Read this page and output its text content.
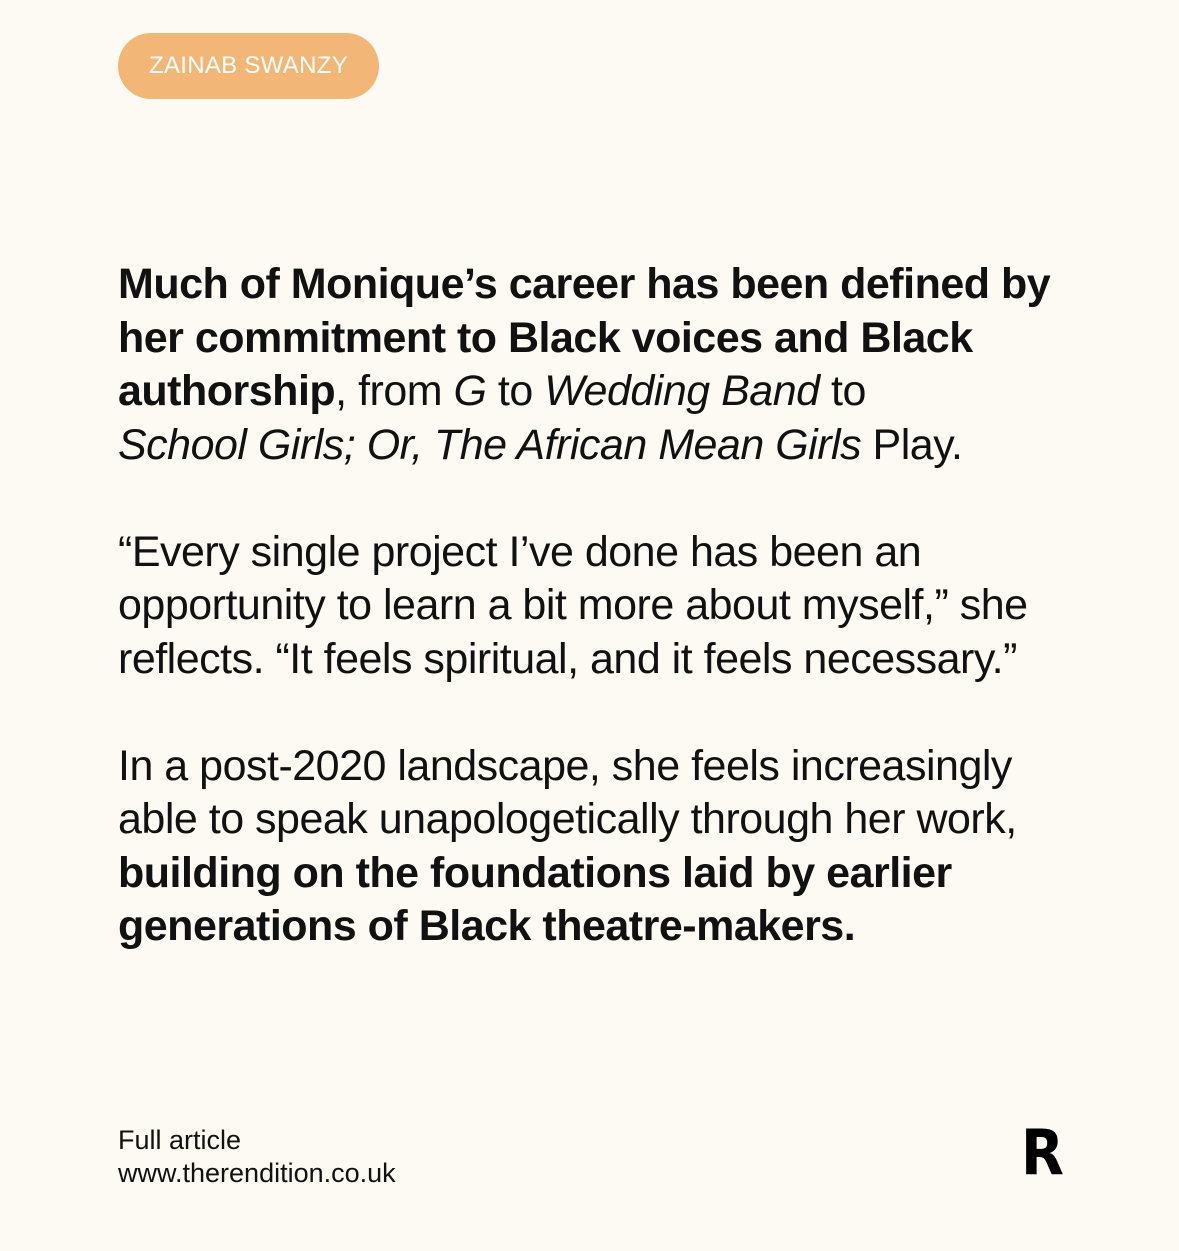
ZAINAB SWANZY

Much of Monique’s career has been defined by her commitment to Black voices and Black authorship, from G to Wedding Band to
School Girls; Or, The African Mean Girls Play.

“Every single project I’ve done has been an opportunity to learn a bit more about myself,” she reflects. “It feels spiritual, and it feels necessary.”

In a post-2020 landscape, she feels increasingly able to speak unapologetically through her work, building on the foundations laid by earlier generations of Black theatre-makers.

Full article
www.therendition.co.uk	R
